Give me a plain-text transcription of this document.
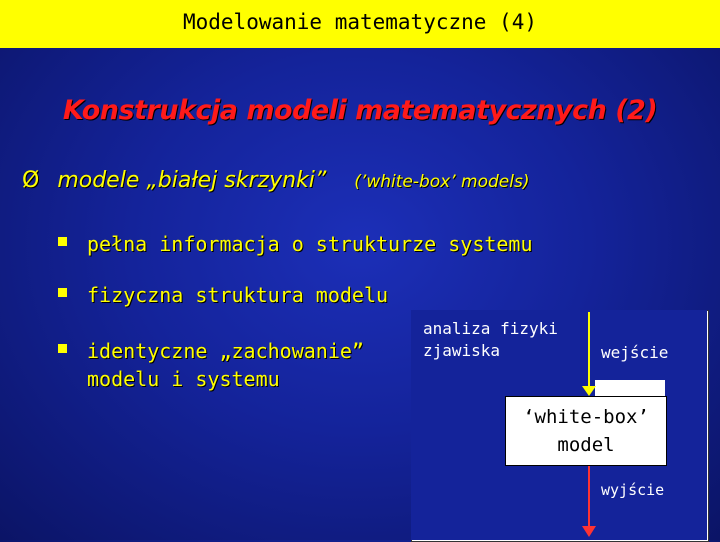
Modelowanie matematyczne (4)
Konstrukcja modeli matematycznych (2)
Ø modele „białej skrzynki” (’white-box’ models)
pełna informacja o strukturze systemu
fizyczna struktura modelu
identyczne „zachowanie”
modelu i systemu
analiza fizyki
zjawiska	wejście
‘white-box’
model
wyjście
